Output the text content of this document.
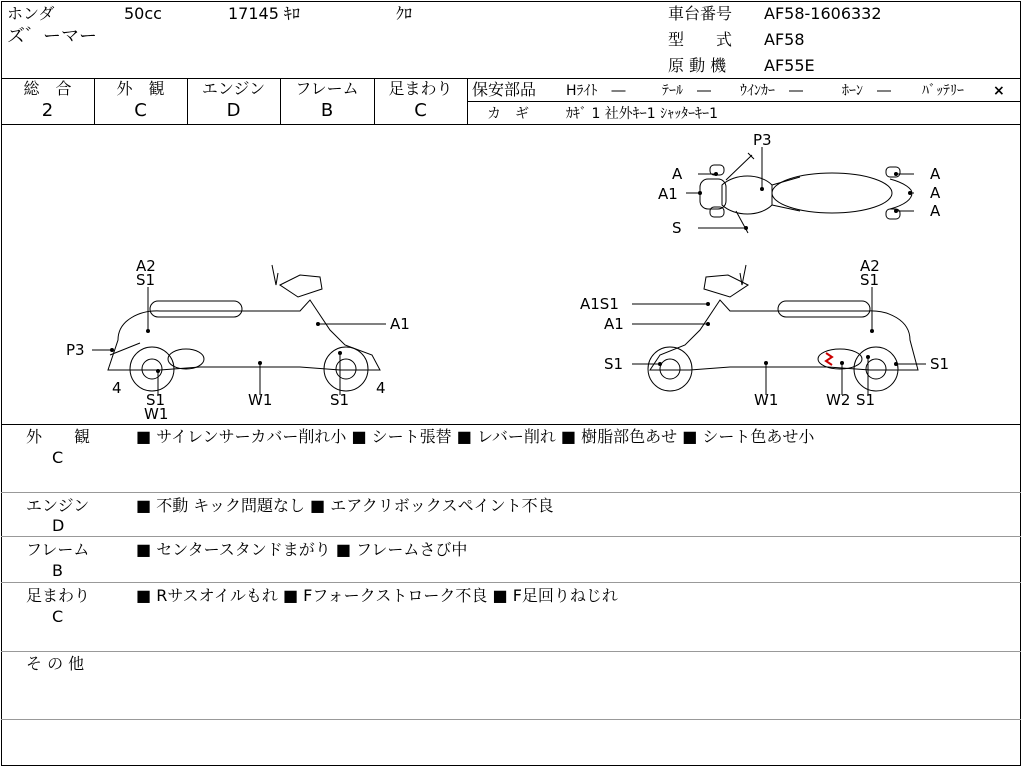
ホンダ	50cc	17145 ｷﾛ	ｸﾛ
ズ゛ーマー
車台番号 AF58-1606332
型　　式 AF58
原 動 機 AF55E
総　合
2
外　観
C
エンジン
D
フレーム
B
足まわり
C
保安部品 Hﾗｲﾄ　―	ﾃｰﾙ　― ｳｲﾝｶｰ　―	ﾎｰﾝ　― ﾊﾞｯﾃﾘｰ ×
カ　ギ	ｶｷﾞ 1 社外ｷｰ1 ｼｬｯﾀｰｷｰ1
P3
A
A1
S
A
A
A
A2
S1
P3
4
S1
W1
W1	S1
4
A1
A2
S1
A1S1
A1
S1
W1	W2 S1
S1
外　　観
C
■ サイレンサーカバー削れ小 ■ シート張替 ■ レバー削れ ■ 樹脂部色あせ ■ シート色あせ小
エンジン
D
■ 不動 キック問題なし ■ エアクリボックスペイント不良
フレーム
B
■ センタースタンドまがり ■ フレームさび中
足まわり
C
■ Rサスオイルもれ ■ Fフォークストローク不良 ■ F足回りねじれ
そ の 他
